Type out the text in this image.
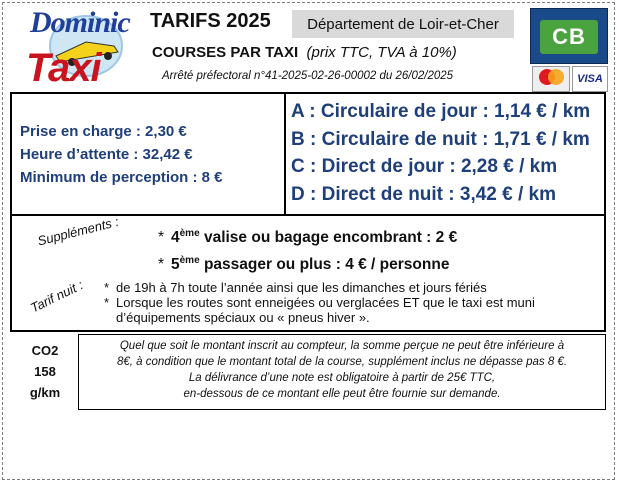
Dominic
Taxi
TARIFS 2025	Département de Loir-et-Cher
COURSES PAR TAXI (prix TTC, TVA à 10%)
Arrêté préfectoral n°41-2025-02-26-00002 du 26/02/2025
CB
VISA
Prise en charge : 2,30 €
Heure d’attente : 32,42 €
Minimum de perception : 8 €
A : Circulaire de jour : 1,14 € / km
B : Circulaire de nuit : 1,71 € / km
C : Direct de jour : 2,28 € / km
D : Direct de nuit : 3,42 € / km
Suppléments : * 4ème valise ou bagage encombrant : 2 €
* 5ème passager ou plus : 4 € / personne
Tarif nuit : * de 19h à 7h toute l’année ainsi que les dimanches et jours fériés
* Lorsque les routes sont enneigées ou verglacées ET que le taxi est muni
d’équipements spéciaux ou « pneus hiver ».
CO2
158
g/km
Quel que soit le montant inscrit au compteur, la somme perçue ne peut être inférieure à
8€, à condition que le montant total de la course, supplément inclus ne dépasse pas 8 €.
La délivrance d’une note est obligatoire à partir de 25€ TTC,
en-dessous de ce montant elle peut être fournie sur demande.
